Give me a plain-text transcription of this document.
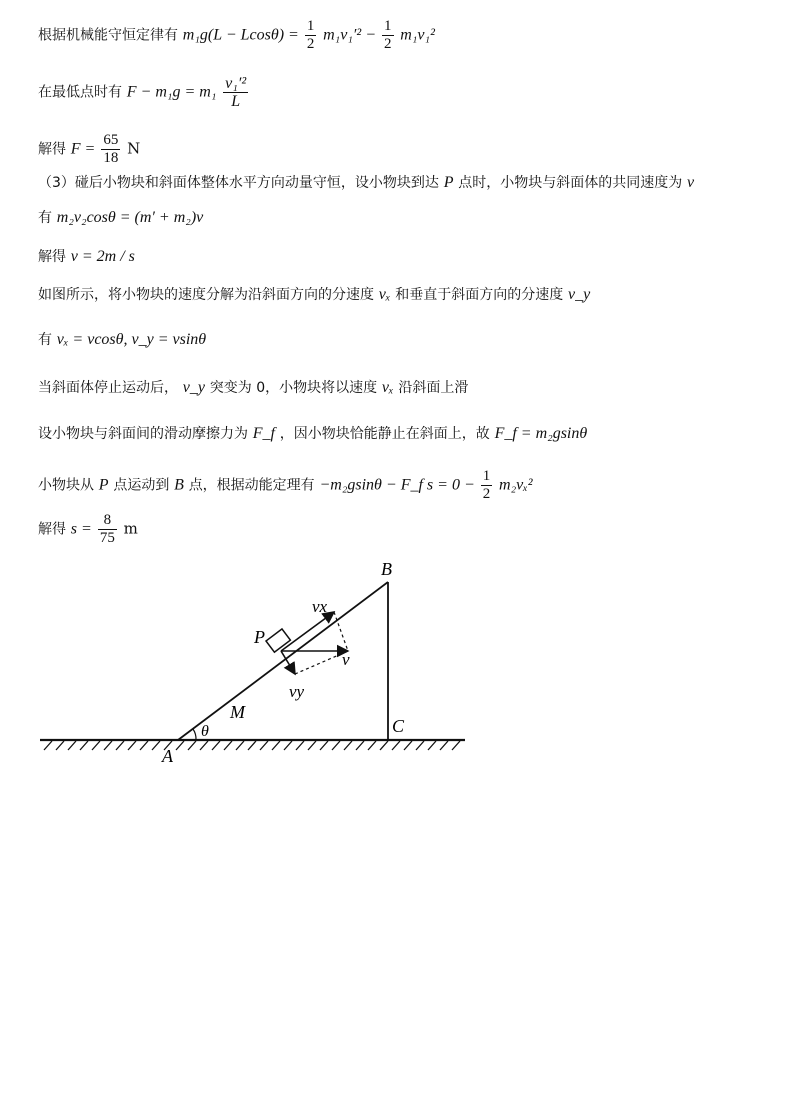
根据机械能守恒定律有 $m_1g(L - Lcos\theta) = \frac{1}{2} m_1v_1'^2 - \frac{1}{2} m_1v_1^2$
在最低点时有 $F - m_1g = m_1 \frac{\text{v₁′²}}{L}$
解得 $F = \frac{65}{18}$ N
（3）碰后小物块和斜面体整体水平方向动量守恒，设小物块到达 P 点时，小物块与斜面体的共同速度为 v
有 m₂v₂cosθ = (m′ + m₂)v
解得 v = 2m / s
如图所示，将小物块的速度分解为沿斜面方向的分速度 vₓ 和垂直于斜面方向的分速度 v_y
有 vₓ = vcosθ, v_y = vsinθ
当斜面体停止运动后， v_y 突变为 0，小物块将以速度 vₓ 沿斜面上滑
设小物块与斜面间的滑动摩擦力为 F_f ，因小物块恰能静止在斜面上，故 F_f = m₂gsinθ
小物块从 P 点运动到 B 点，根据动能定理有 −m₂gsinθ − F_f $s = 0 - \frac{1}{2} m_2v_x^2$
解得 $s = \frac{8}{75}$ m
B
C
A
M
θ
P
v
vx
vy
